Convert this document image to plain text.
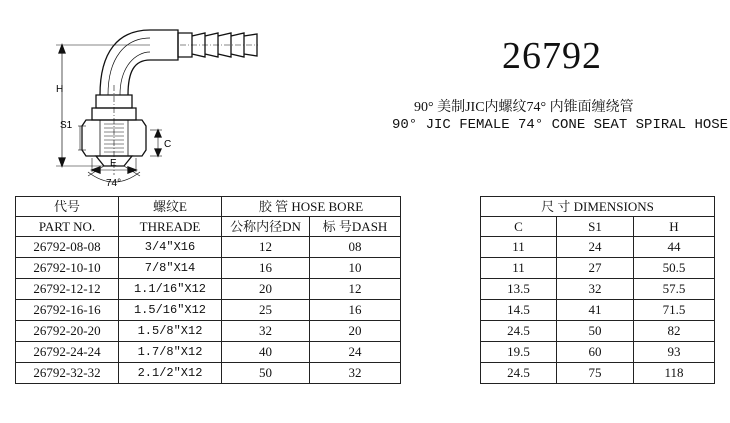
H
S1
C
E
74°
26792
90° 美制JIC内螺纹74° 内锥面缠绕管
90° JIC FEMALE 74° CONE SEAT SPIRAL HOSE
代号	螺纹E	胶 管 HOSE BORE			尺 寸 DIMENSIONS		
PART NO.	THREADE	公称内径DN	标 号DASH		C	S1	H
26792-08-08	3/4″X16	12	08		11	24	44
26792-10-10	7/8″X14	16	10		11	27	50.5
26792-12-12	1.1/16″X12	20	12		13.5	32	57.5
26792-16-16	1.5/16″X12	25	16		14.5	41	71.5
26792-20-20	1.5/8″X12	32	20		24.5	50	82
26792-24-24	1.7/8″X12	40	24		19.5	60	93
26792-32-32	2.1/2″X12	50	32		24.5	75	118
